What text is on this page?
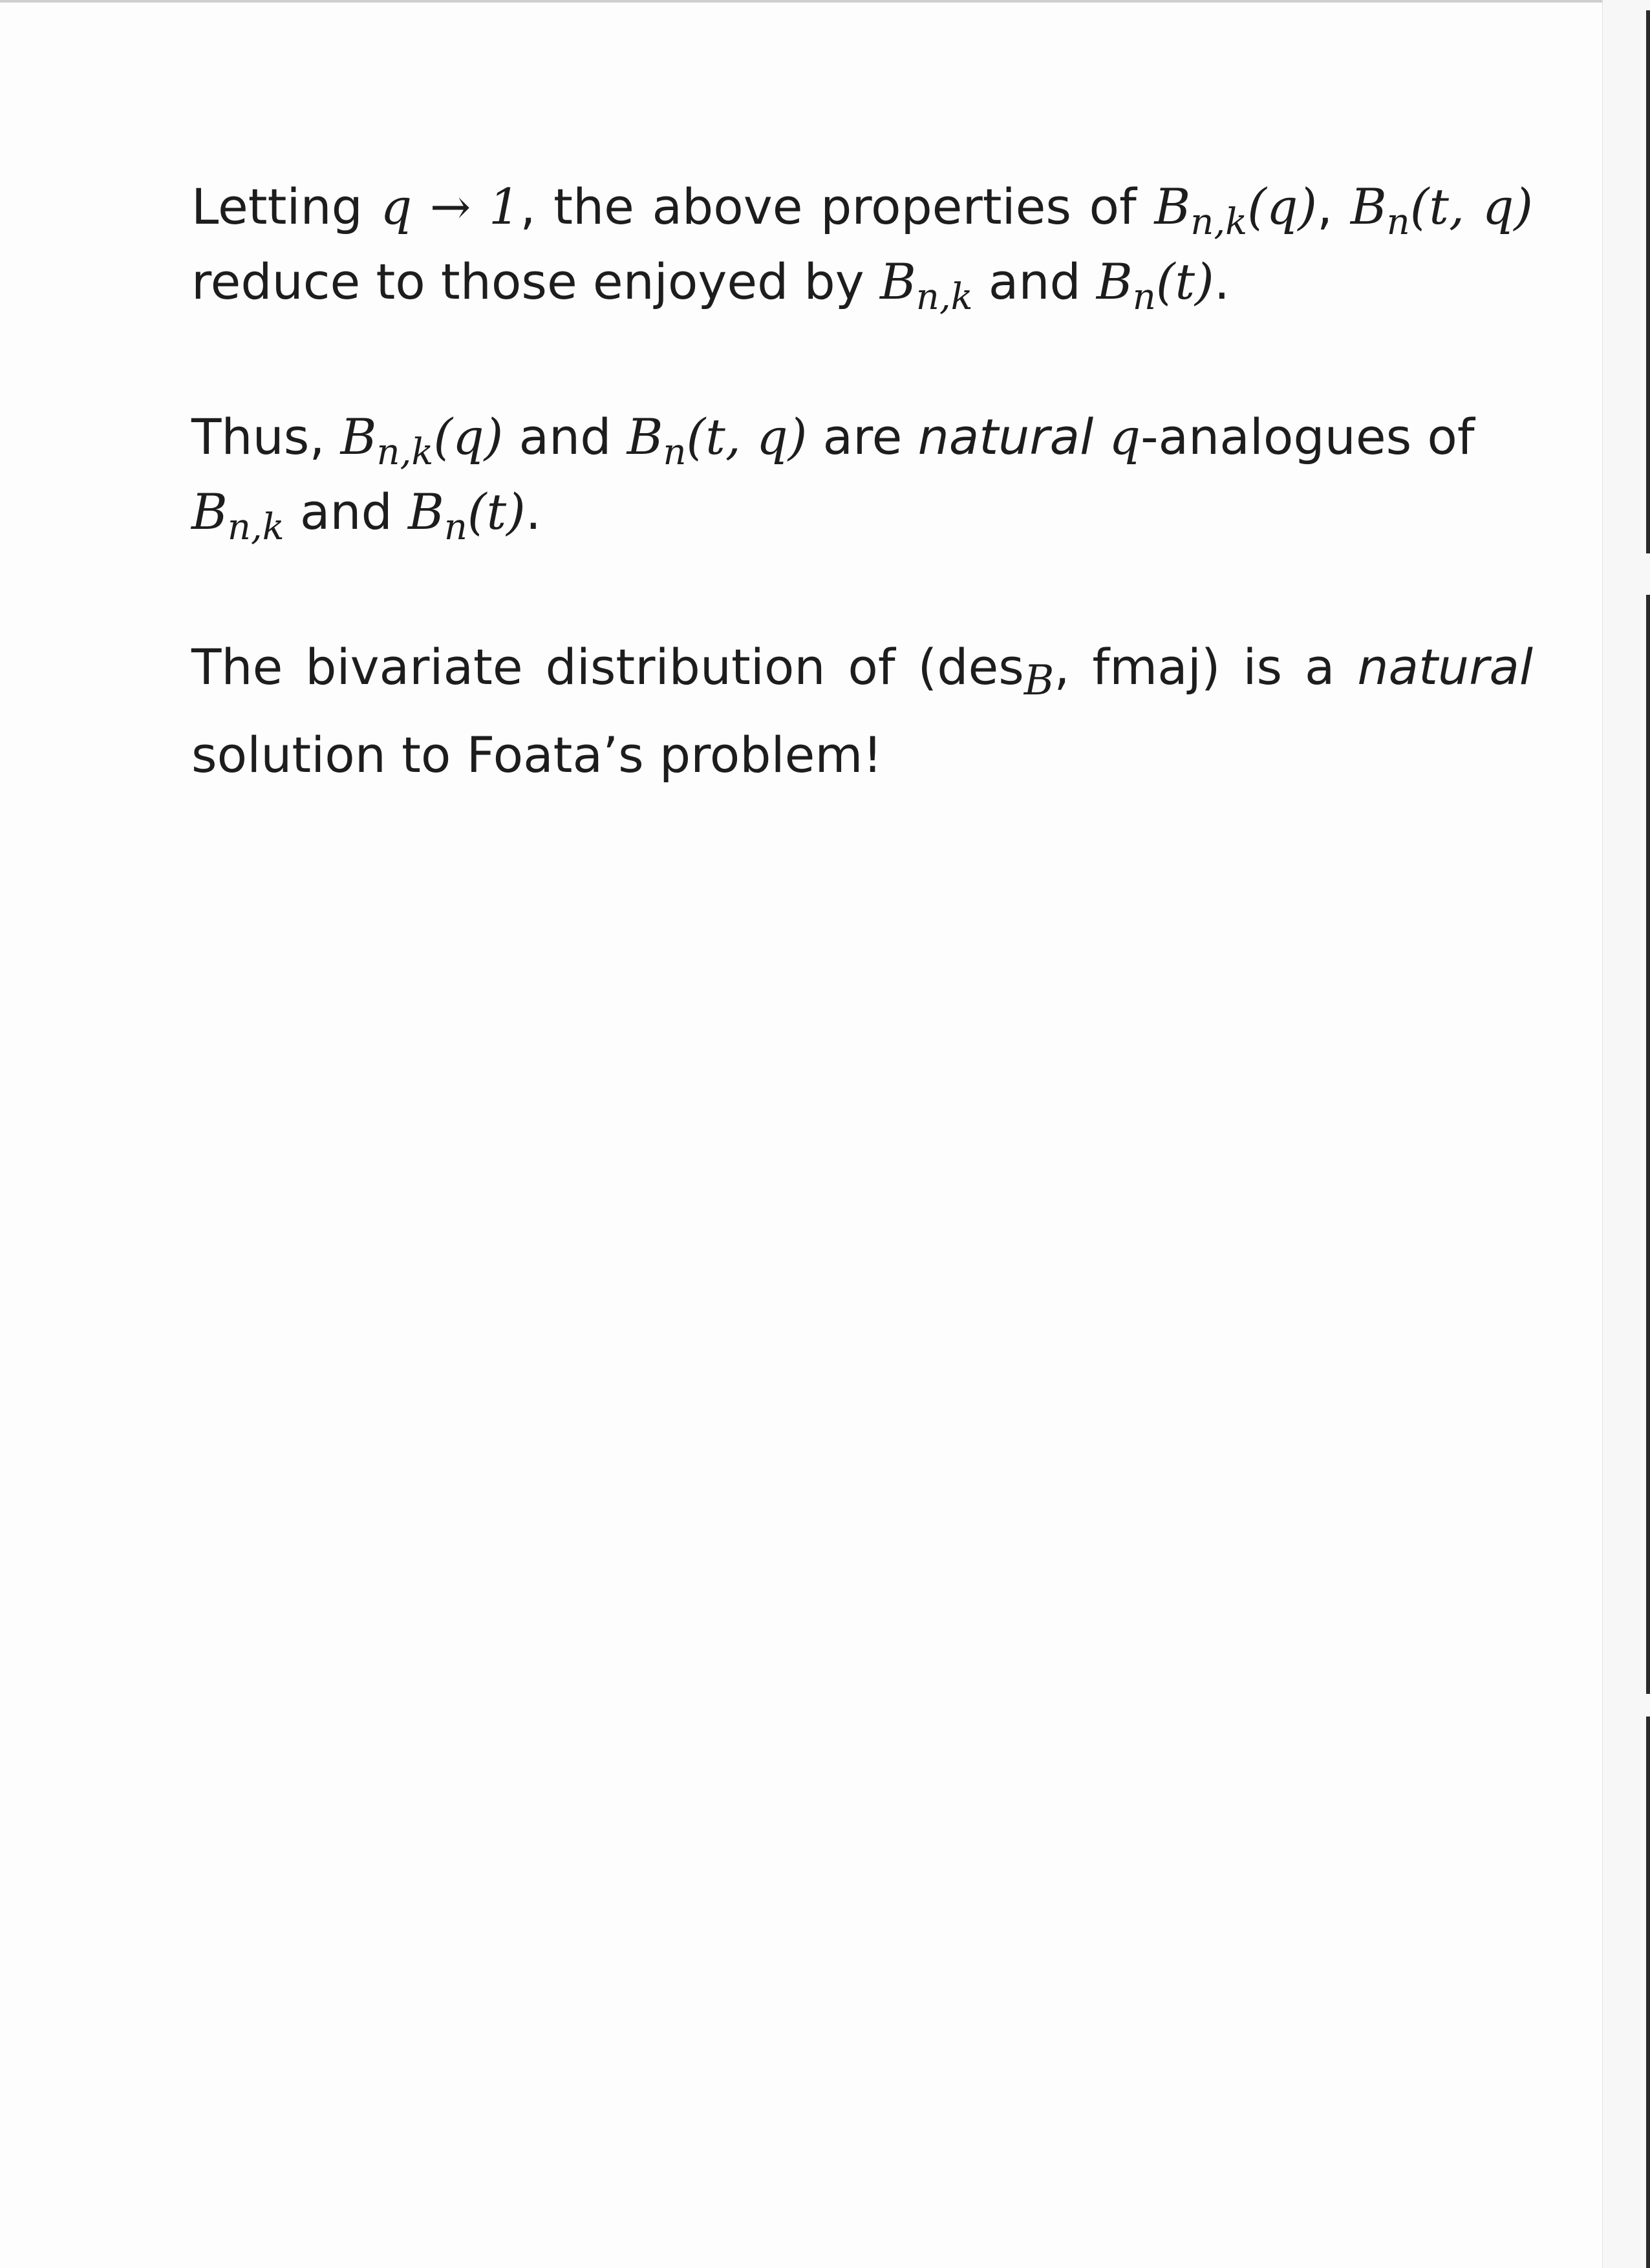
Letting q → 1, the above properties of $B_{n,k}(q)$, $B_n(t$, q) reduce to those enjoyed by $B_{n,k}$ and $B_n(t)$.

Thus, $B_{n,k}(q)$ and $B_n(t$, q) are natural q-analogues of $B_{n,k}$ and $B_n(t)$.

The bivariate distribution of (des$_B$, fmaj) is a natural solution to Foata’s problem!
